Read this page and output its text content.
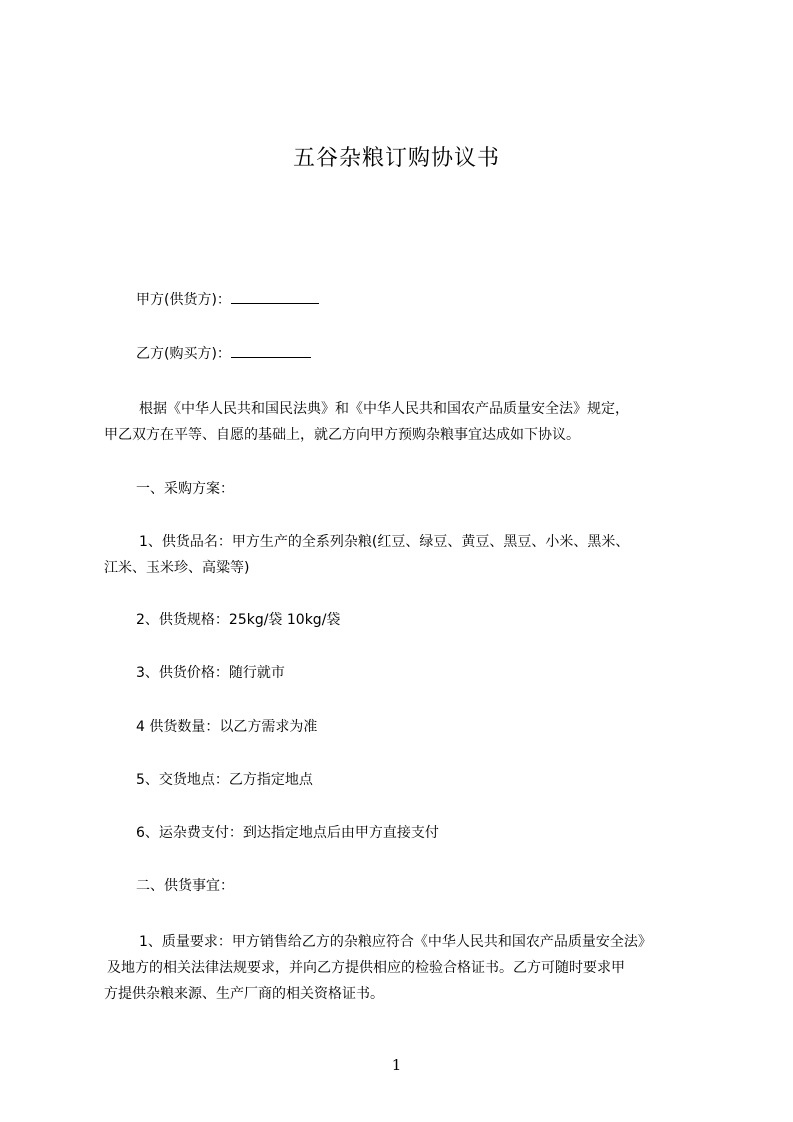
五谷杂粮订购协议书
甲方(供货方)：
乙方(购买方)：
根据《中华人民共和国民法典》和《中华人民共和国农产品质量安全法》规定，
甲乙双方在平等、自愿的基础上，就乙方向甲方预购杂粮事宜达成如下协议。
一、采购方案：
1、供货品名：甲方生产的全系列杂粮(红豆、绿豆、黄豆、黑豆、小米、黑米、
江米、玉米珍、高粱等)
2、供货规格：25kg/袋 10kg/袋
3、供货价格：随行就市
4 供货数量：以乙方需求为准
5、交货地点：乙方指定地点
6、运杂费支付：到达指定地点后由甲方直接支付
二、供货事宜：
1、质量要求：甲方销售给乙方的杂粮应符合《中华人民共和国农产品质量安全法》
及地方的相关法律法规要求，并向乙方提供相应的检验合格证书。乙方可随时要求甲
方提供杂粮来源、生产厂商的相关资格证书。
1
